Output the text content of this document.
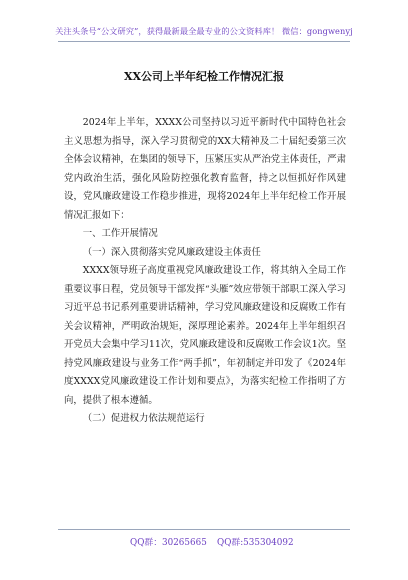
关注头条号“公文研究”，获得最新最全最专业的公文资料库！ 微信：gongwenyj
XX公司上半年纪检工作情况汇报

2024年上半年，XXXX公司坚持以习近平新时代中国特色社会主义思想为指导，深入学习贯彻党的XX大精神及二十届纪委第三次全体会议精神，在集团的领导下，压紧压实从严治党主体责任，严肃党内政治生活，强化风险防控强化教育监督，持之以恒抓好作风建设，党风廉政建设工作稳步推进，现将2024年上半年纪检工作开展情况汇报如下：

一、工作开展情况

（一）深入贯彻落实党风廉政建设主体责任

XXXX领导班子高度重视党风廉政建设工作，将其纳入全局工作重要议事日程，党员领导干部发挥“头雁”效应带领干部职工深入学习习近平总书记系列重要讲话精神，学习党风廉政建设和反腐败工作有关会议精神，严明政治规矩，深厚理论素养。2024年上半年组织召开党员大会集中学习11次，党风廉政建设和反腐败工作会议1次。坚持党风廉政建设与业务工作“两手抓”，年初制定并印发了《2024年度XXXX党风廉政建设工作计划和要点》，为落实纪检工作指明了方向，提供了根本遵循。

（二）促进权力依法规范运行

QQ群：30265665 QQ群:535304092
